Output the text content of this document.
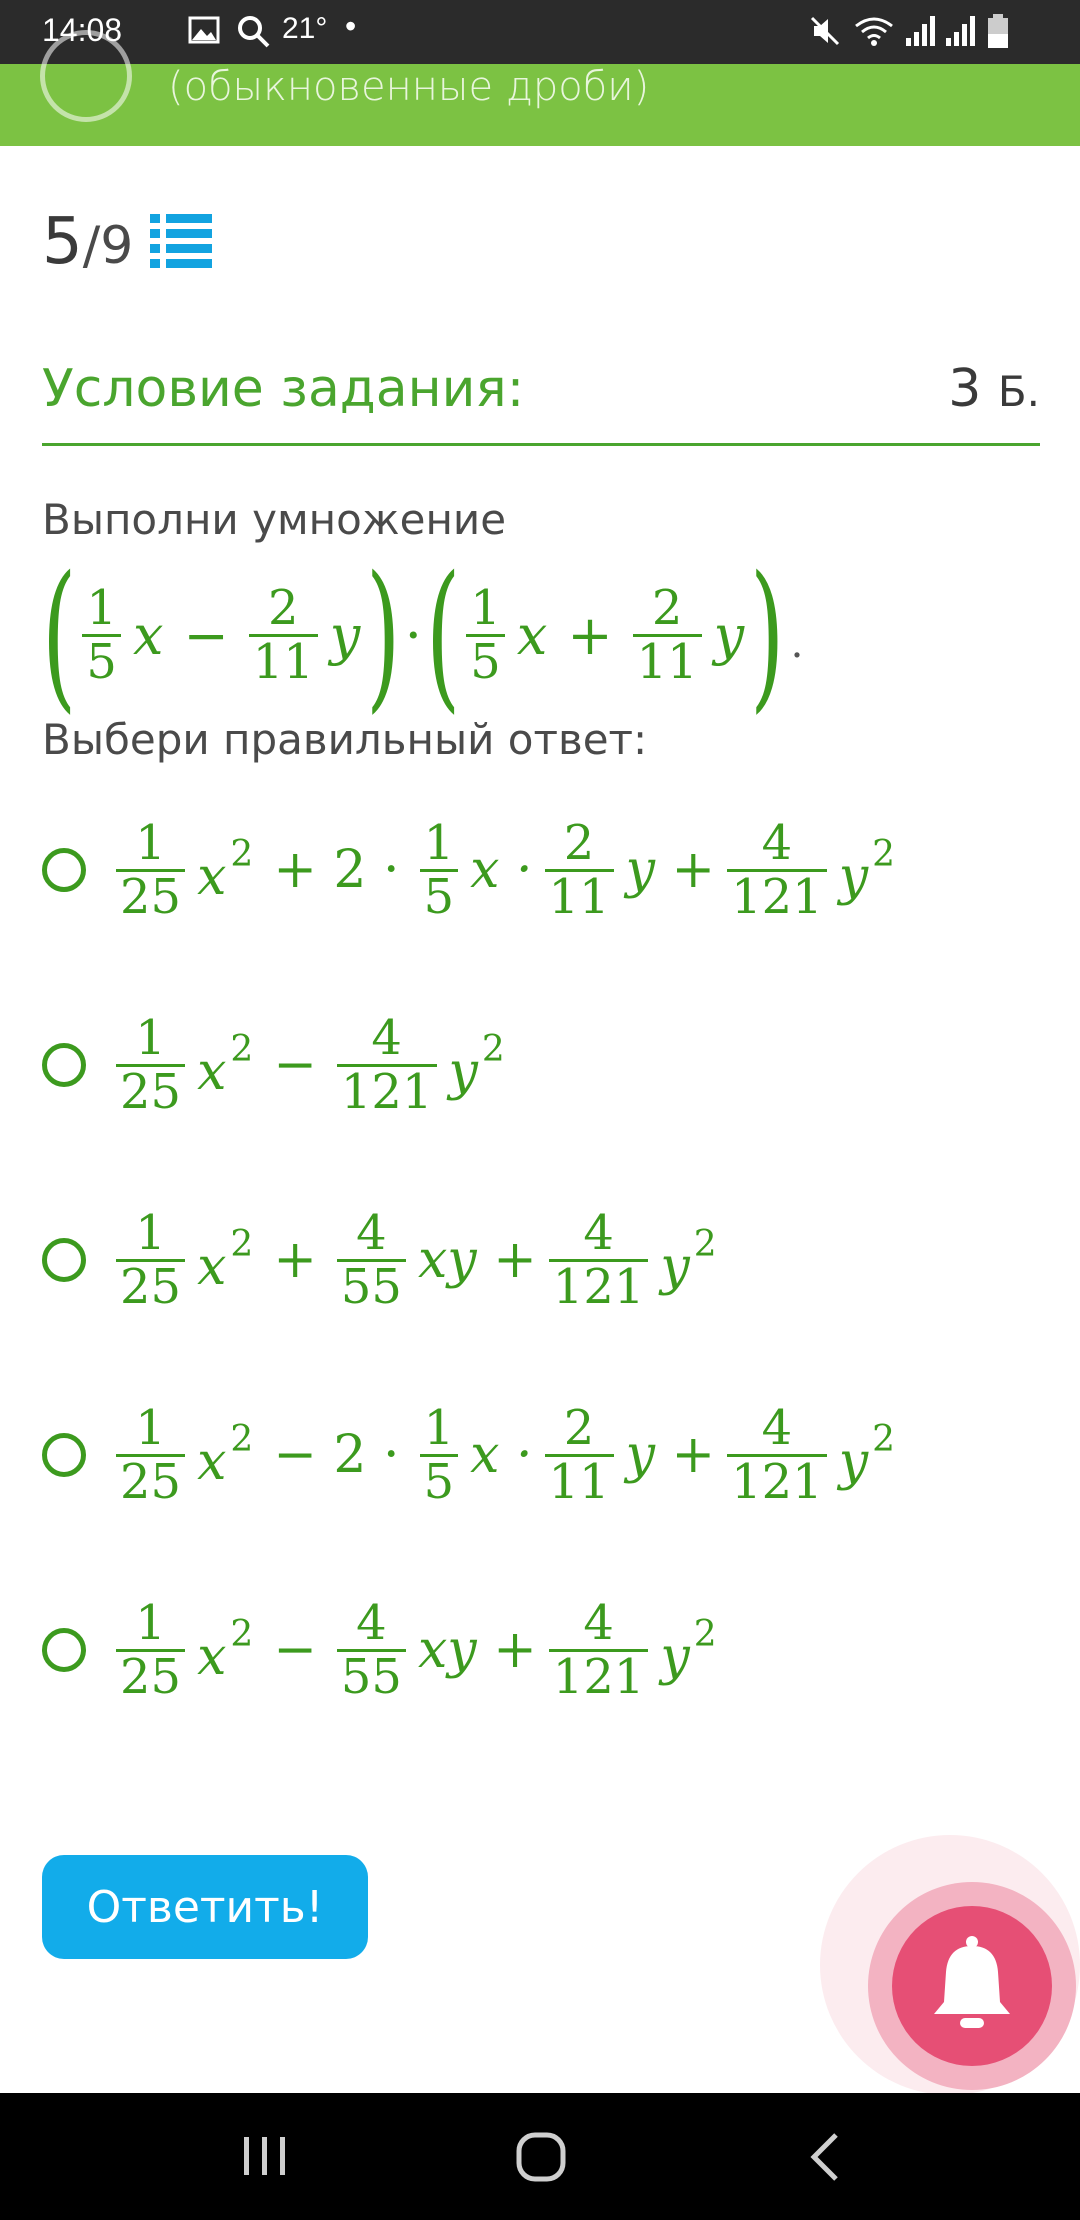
14:08	21° •
(обыкновенные дроби)
5/9
Условие задания:	3 Б.
Выполни умножение
( $\frac{1}{5}$ $x - \frac{2}{11}$ y ) · ( $\frac{1}{5}$ $x + \frac{2}{11}$ y ) .
Выбери правильный ответ:
$\frac{1}{25}$ x $^2 + 2 \cdot \frac{1}{5}$ $x \cdot \frac{2}{11}$ $y + \frac{4}{121}$ y $^2$
$\frac{1}{25}$ x $^2 - \frac{4}{121}$ y $^2$
$\frac{1}{25}$ x $^2 + \frac{4}{55}$ xy + $\frac{4}{121}$ y $^2$
$\frac{1}{25}$ x $^2 - 2 \cdot \frac{1}{5}$ $x \cdot \frac{2}{11}$ $y + \frac{4}{121}$ y $^2$
$\frac{1}{25}$ x $^2 - \frac{4}{55}$ xy + $\frac{4}{121}$ y $^2$
Ответить!
